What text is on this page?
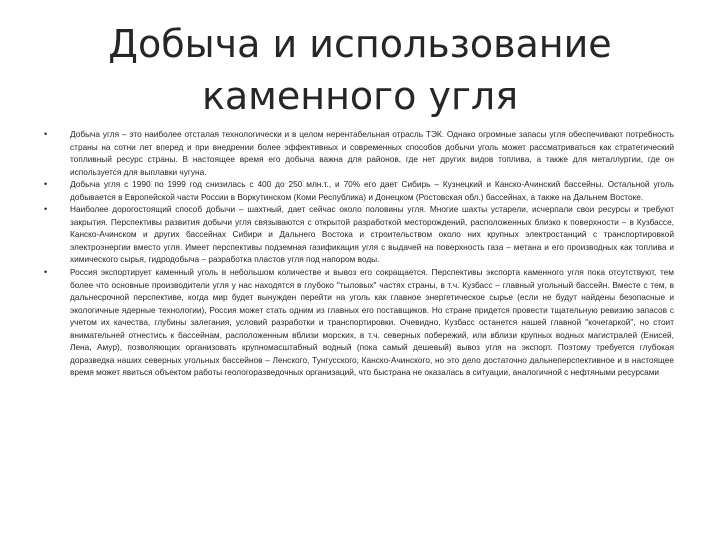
Добыча и использование каменного угля
•	Добыча угля – это наиболее отсталая технологически и в целом нерентабельная отрасль ТЭК. Однако огромные запасы угля обеспечивают потребность страны на сотни лет вперед и при внедрении более эффективных и современных способов добычи уголь может рассматриваться как стратегический топливный ресурс страны. В настоящее время его добыча важна для районов, где нет других видов топлива, а также для металлургии, где он используется для выплавки чугуна.
•	Добыча угля с 1990 по 1999 год снизилась с 400 до 250 млн.т., и 70% его дает Сибирь – Кузнецкий и Канско-Ачинский бассейны. Остальной уголь добывается в Европейской части России в Воркутинском (Коми Республика) и Донецком (Ростовская обл.) бассейнах, а также на Дальнем Востоке.
•	Наиболее дорогостоящий способ добычи – шахтный, дает сейчас около половины угля. Многие шахты устарели, исчерпали свои ресурсы и требуют закрытия. Перспективы развития добычи угля связываются с открытой разработкой месторождений, расположенных близко к поверхности – в Кузбассе, Канско-Ачинском и других бассейнах Сибири и Дальнего Востока и строительством около них крупных электростанций с транспортировкой электроэнергии вместо угля. Имеет перспективы подземная газификация угля с выдачей на поверхность газа – метана и его производных как топлива и химического сырья, гидродобыча – разработка пластов угля под напором воды.
•	Россия экспортирует каменный уголь в небольшом количестве и вывоз его сокращается. Перспективы экспорта каменного угля пока отсутствуют, тем более что основные производители угля у нас находятся в глубоко "тыловых" частях страны, в т.ч. Кузбасс – главный угольный бассейн. Вместе с тем, в дальнесрочной перспективе, когда мир будет вынужден перейти на уголь как главное энергетическое сырье (если не будут найдены безопасные и экологичные ядерные технологии), Россия может стать одним из главных его поставщиков. Но стране придется провести тщательную ревизию запасов с учетом их качества, глубины залегания, условий разработки и транспортировки. Очевидно, Кузбасс останется нашей главной "кочегаркой", но стоит внимательней отнестись к бассейнам, расположенным вблизи морских, в т.ч. северных побережий, или вблизи крупных водных магистралей (Енисей, Лена, Амур), позволяющих организовать крупномасштабный водный (пока самый дешевый) вывоз угля на экспорт. Поэтому требуется глубокая доразведка наших северных угольных бассейнов – Ленского, Тунгусского, Канско-Ачинского, но это дело достаточно дальнеперспективное и в настоящее время может явиться объектом работы геологоразведочных организаций, что быстрана не оказалась в ситуации, аналогичной с нефтяными ресурсами
